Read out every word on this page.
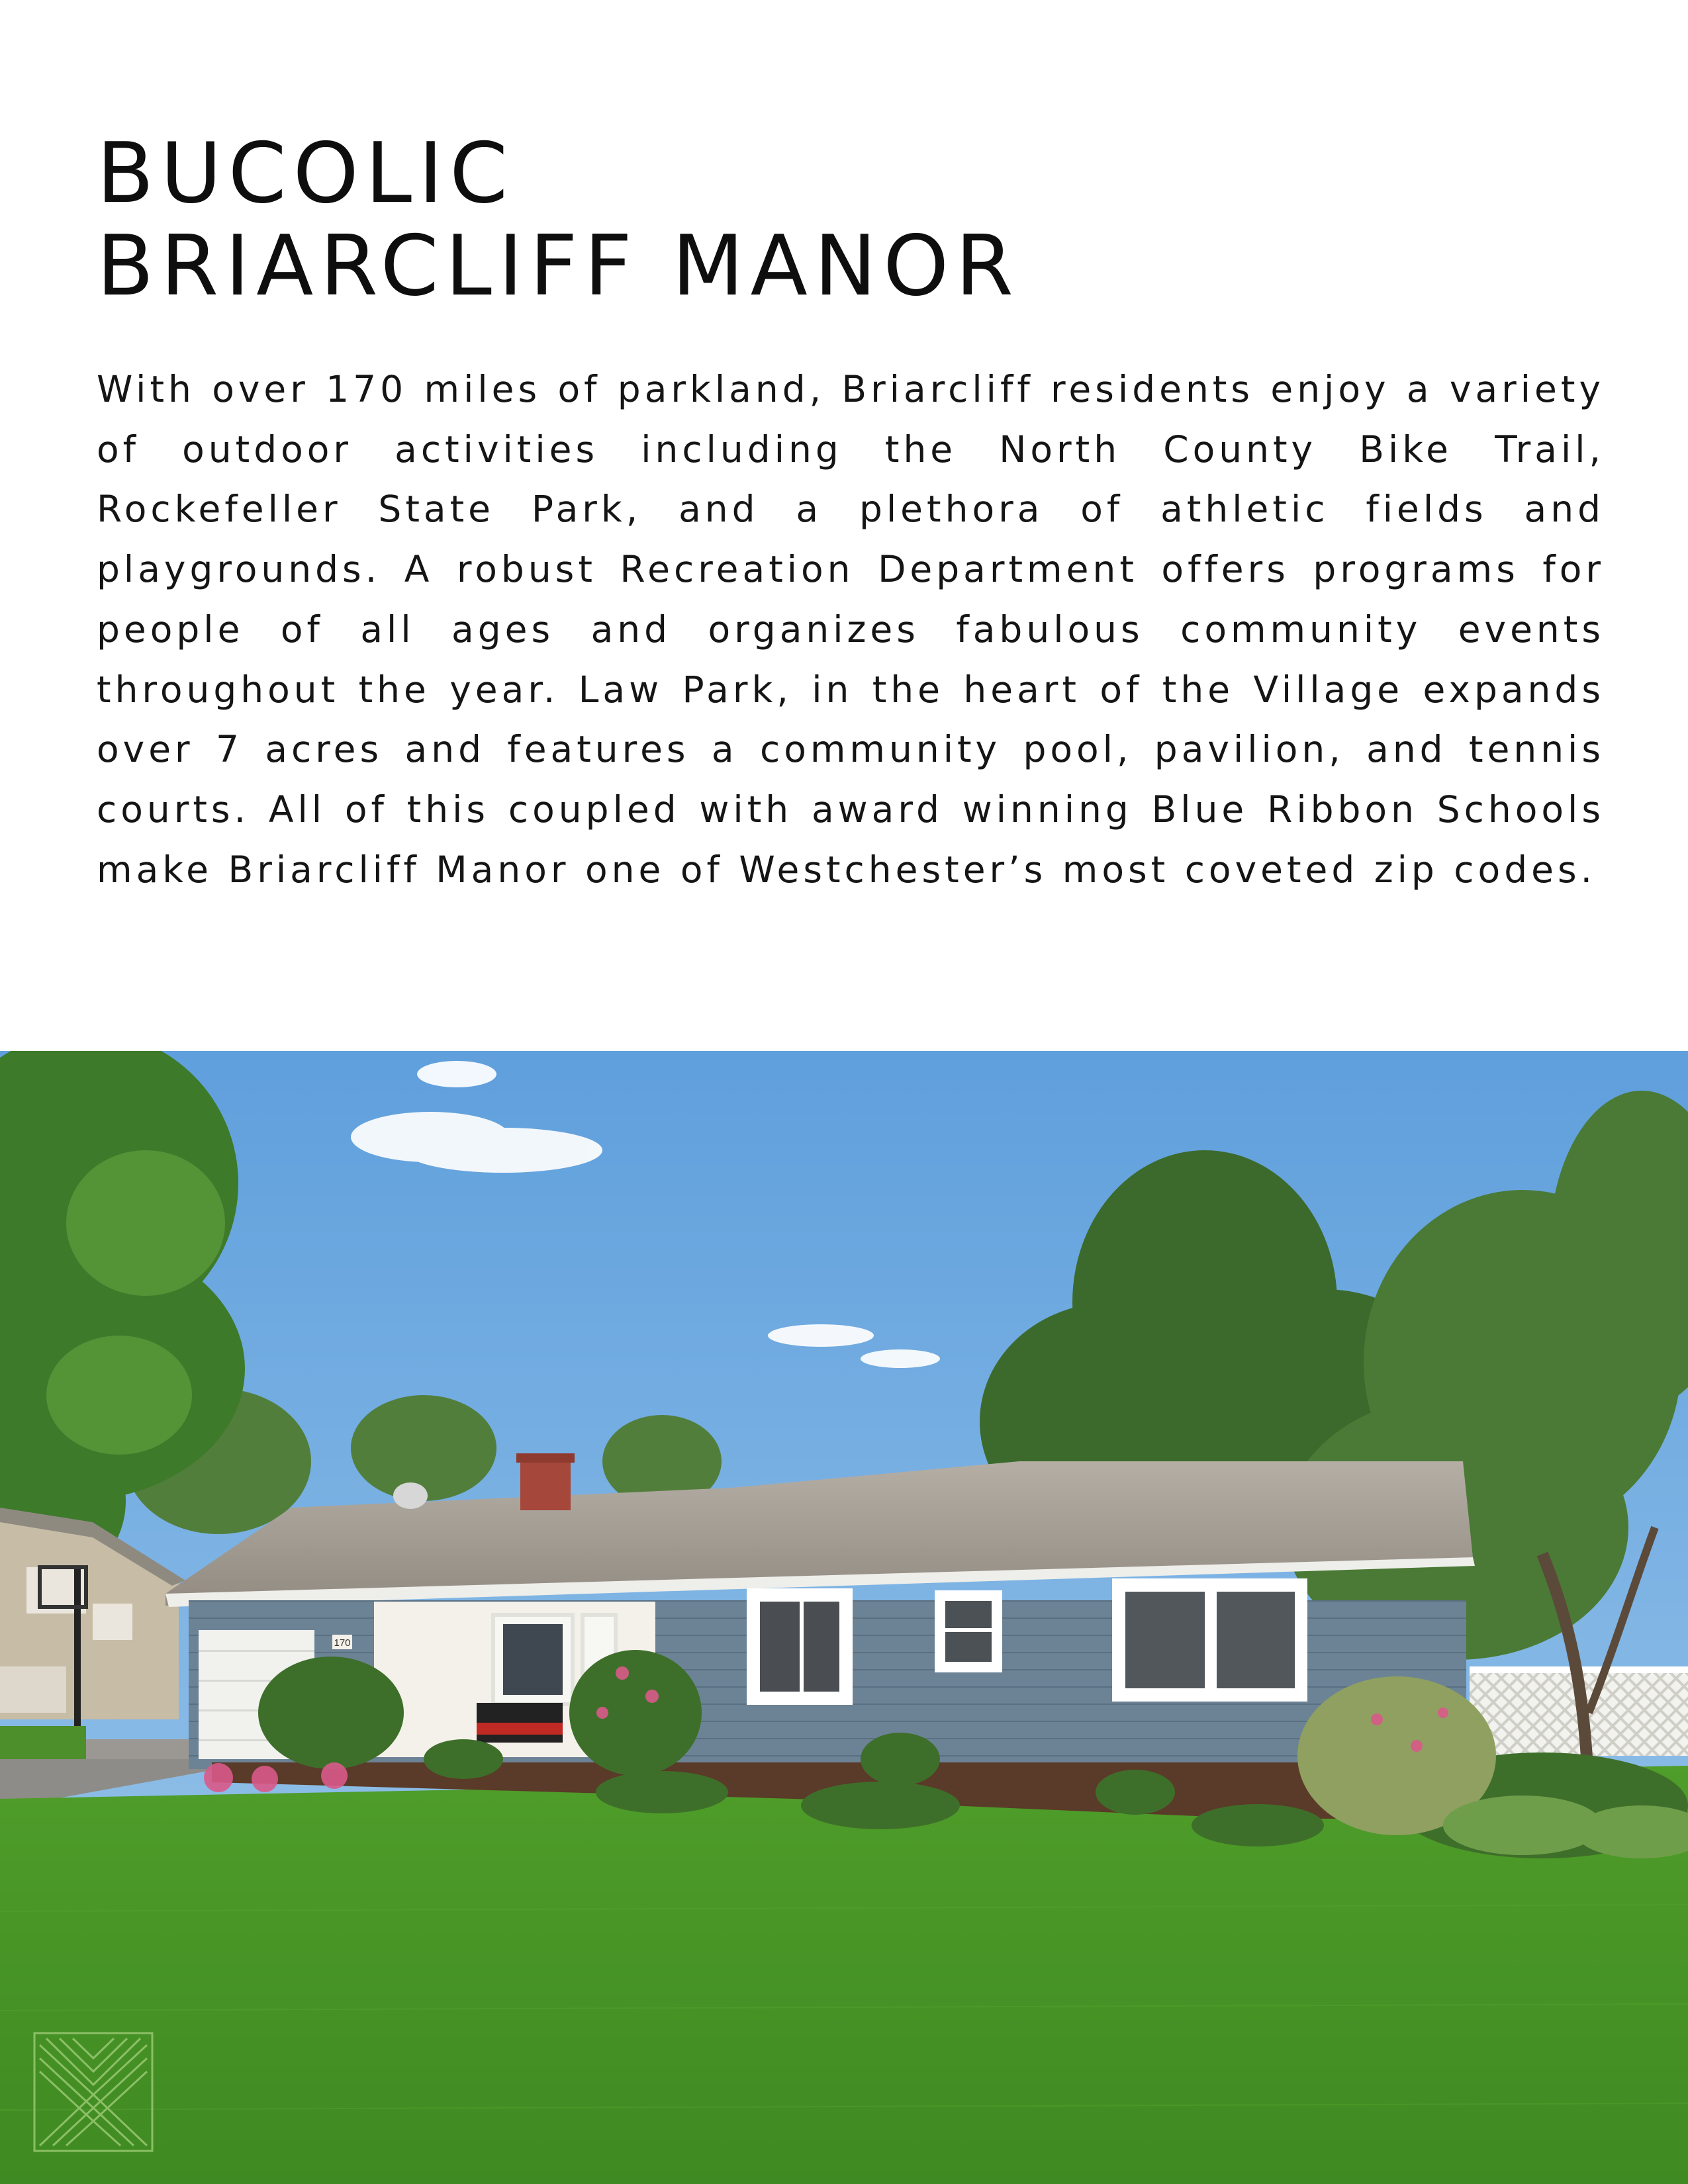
BUCOLIC
BRIARCLIFF MANOR

With over 170 miles of parkland, Briarcliff residents enjoy a variety of outdoor activities including the North County Bike Trail, Rockefeller State Park, and a plethora of athletic fields and playgrounds. A robust Recreation Department offers programs for people of all ages and organizes fabulous community events throughout the year. Law Park, in the heart of the Village expands over 7 acres and features a community pool, pavilion, and tennis courts. All of this coupled with award winning Blue Ribbon Schools make Briarcliff Manor one of Westchester’s most coveted zip codes.

170
